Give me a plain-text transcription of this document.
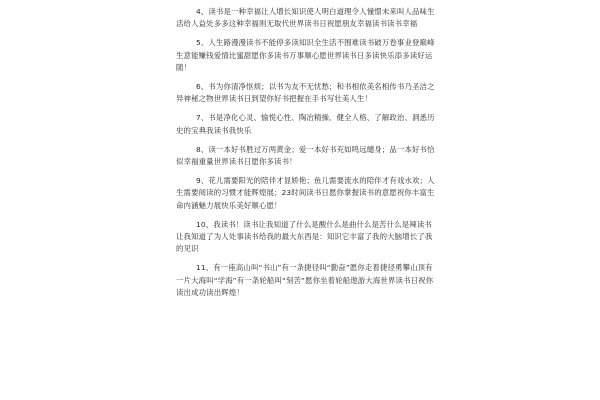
4、读书是一种幸福让人增长知识使人明白道理令人憧憬未来叫人品味生活给人益处多多这种幸福则无取代世界读书日祝愿朋友幸福读书读书幸福

5、人生路漫漫读书不能停多读知识全生活不围难读书破万卷事业登巅峰生意能赚钱爱情比蜜甜愿你多读书万事顺心愿世界读书日多读快乐添多读好运随！

6、书为你清净怄烦；以书为友不无忧愁；和书相依美名相传书乃圣洁之异神秘之物世界读书日到望你好书把握在手书写壮美人生！

7、书是净化心灵、愉悦心性、陶冶精操、健全人格、了解政治、洞悉历史的宝典我读书我快乐

8、读一本好书胜过万两黄金；爱一本好书充如鸣远缱身；品一本好书恰似幸福重量世界读书日愿你多读书！

9、花儿需要阳光的陪伴才显娇艳；鱼儿需要流水的陪伴才有戏水欢；人生需要阅读的习惯才能辉煌展；23时间读书日愿你掌握读书的意愿祝你丰富生命内涵魅力展快乐美好顺心愿！

10、我读书！读书让我知道了什么是酸什么是曲什么是苦什么是辣读书让我知道了为人处事读书给我的最大东西是：知识它丰富了我的大脑增长了我的见识

11、有一座高山叫“书山”有一条捷径叫“勤奋”愿你走着捷径勇攀山顶有一片大海叫“学海”有一条轮船叫“刻苦”愿你坐着轮船遨游大海世界读书日祝你读出成功读出辉煌！
